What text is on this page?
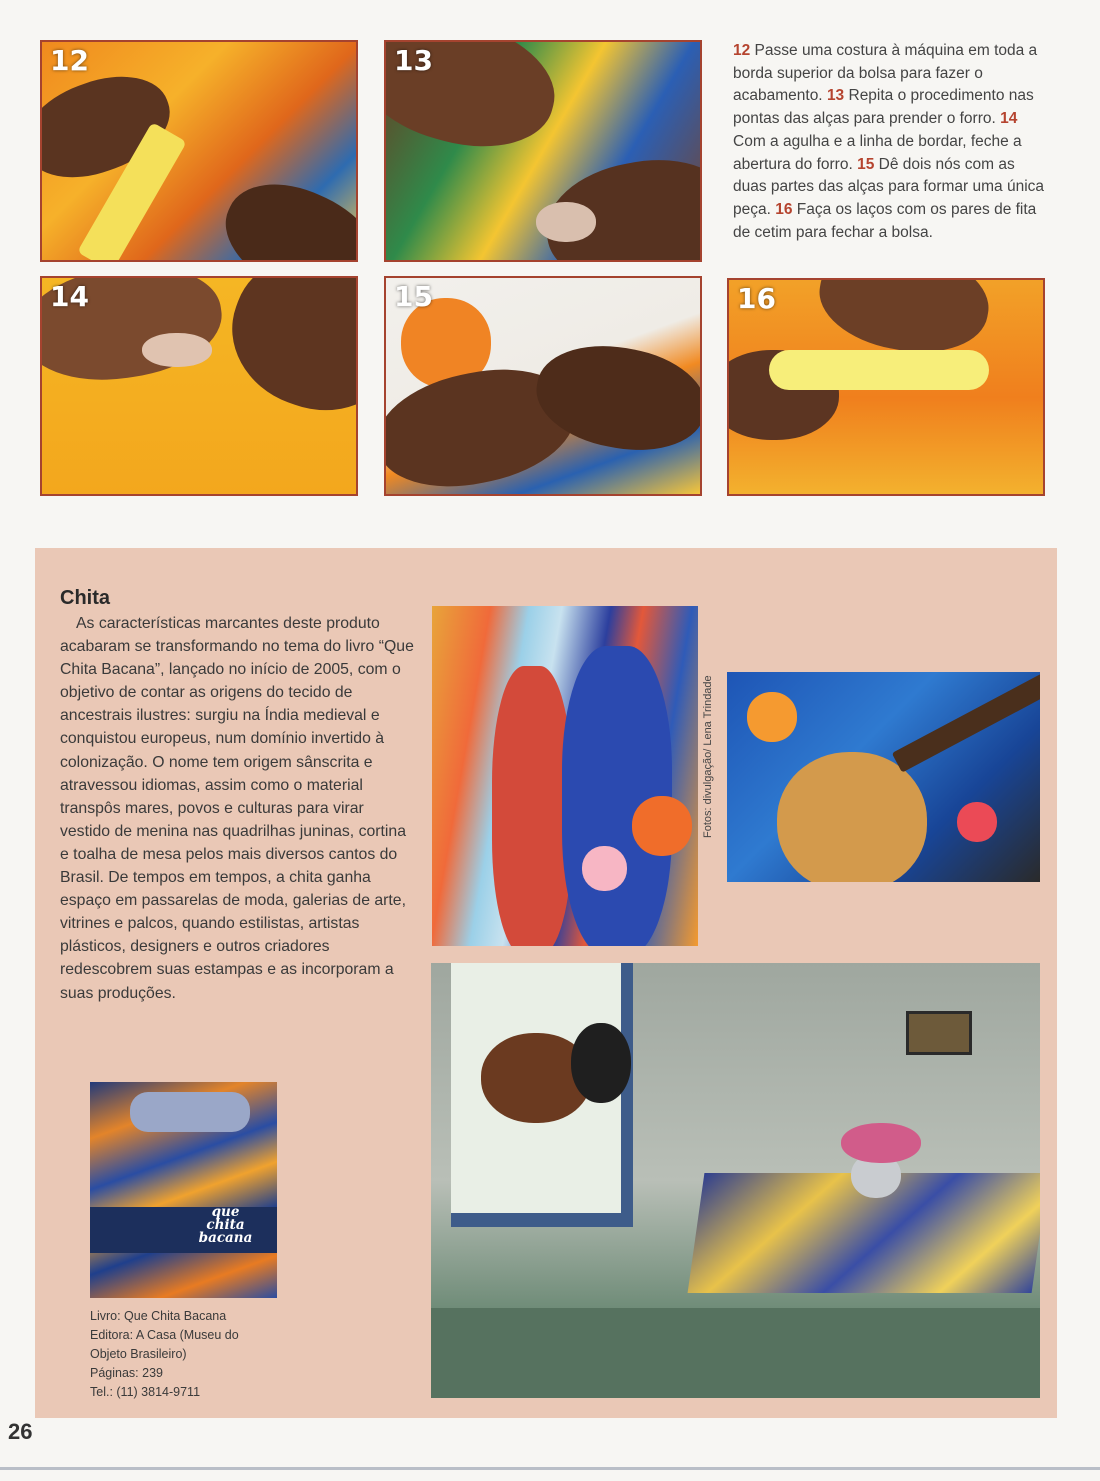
12	13
14	15	16
12 Passe uma costura à máquina em toda a borda superior da bolsa para fazer o acabamento. 13 Repita o procedimento nas pontas das alças para prender o forro. 14 Com a agulha e a linha de bordar, feche a abertura do forro. 15 Dê dois nós com as duas partes das alças para formar uma única peça. 16 Faça os laços com os pares de fita de cetim para fechar a bolsa.
Chita
As características marcantes deste produto acabaram se transformando no tema do livro “Que Chita Bacana”, lançado no início de 2005, com o objetivo de contar as origens do tecido de ancestrais ilustres: surgiu na Índia medieval e conquistou europeus, num domínio invertido à colonização. O nome tem origem sânscrita e atravessou idiomas, assim como o material transpôs mares, povos e culturas para virar vestido de menina nas quadrilhas juninas, cortina e toalha de mesa pelos mais diversos cantos do Brasil. De tempos em tempos, a chita ganha espaço em passarelas de moda, galerias de arte, vitrines e palcos, quando estilistas, artistas plásticos, designers e outros criadores redescobrem suas estampas e as incorporam a suas produções.
Fotos: divulgação/ Lena Trindade
que
chita
bacana
Livro: Que Chita Bacana
Editora: A Casa (Museu do
Objeto Brasileiro)
Páginas: 239
Tel.: (11) 3814-9711
26
